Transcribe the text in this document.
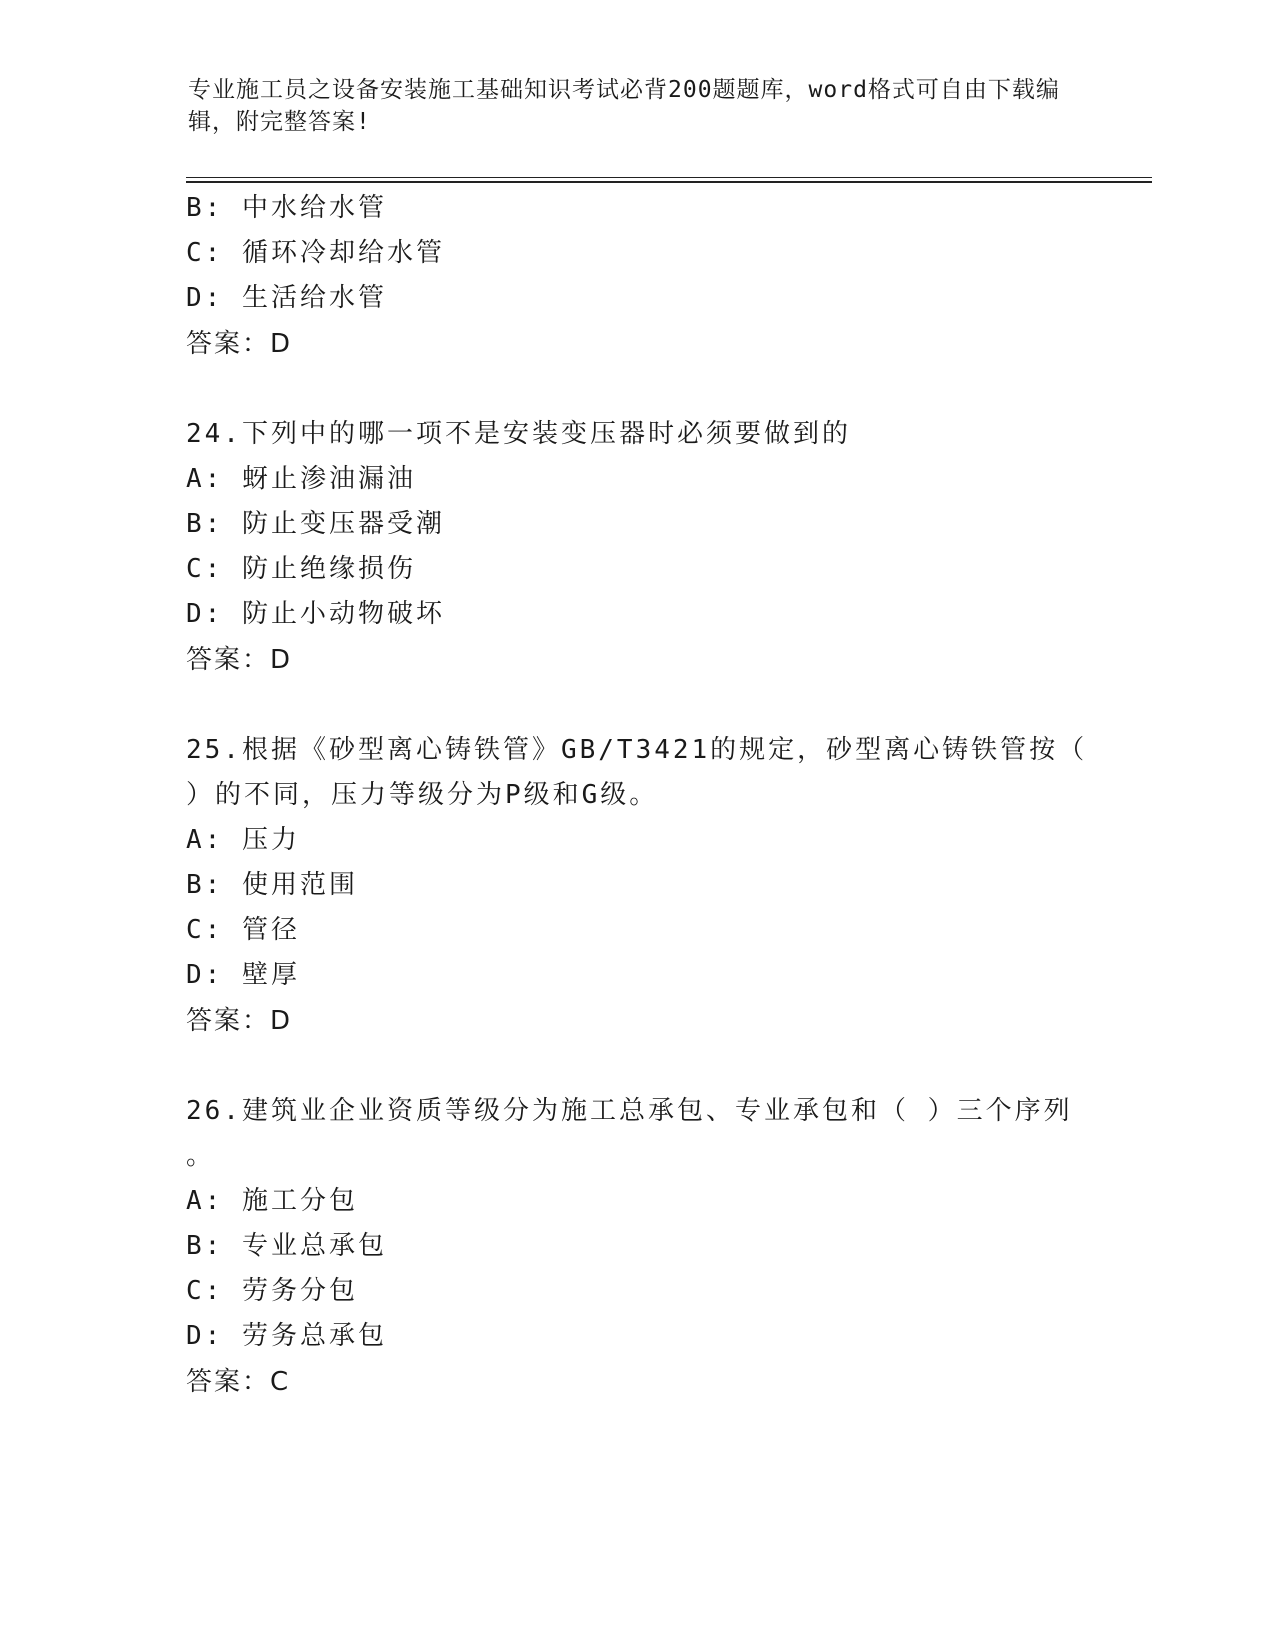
专业施工员之设备安装施工基础知识考试必背200题题库，word格式可自由下载编辑，附完整答案!
B: 中水给水管
C: 循环冷却给水管
D: 生活给水管
答案：D
24.下列中的哪一项不是安装变压器时必须要做到的
A: 蚜止渗油漏油
B: 防止变压器受潮
C: 防止绝缘损伤
D: 防止小动物破坏
答案：D
25.根据《砂型离心铸铁管》GB/T3421的规定，砂型离心铸铁管按（
）的不同，压力等级分为P级和G级。
A: 压力
B: 使用范围
C: 管径
D: 壁厚
答案：D
26.建筑业企业资质等级分为施工总承包、专业承包和（ ）三个序列
。
A: 施工分包
B: 专业总承包
C: 劳务分包
D: 劳务总承包
答案：C
